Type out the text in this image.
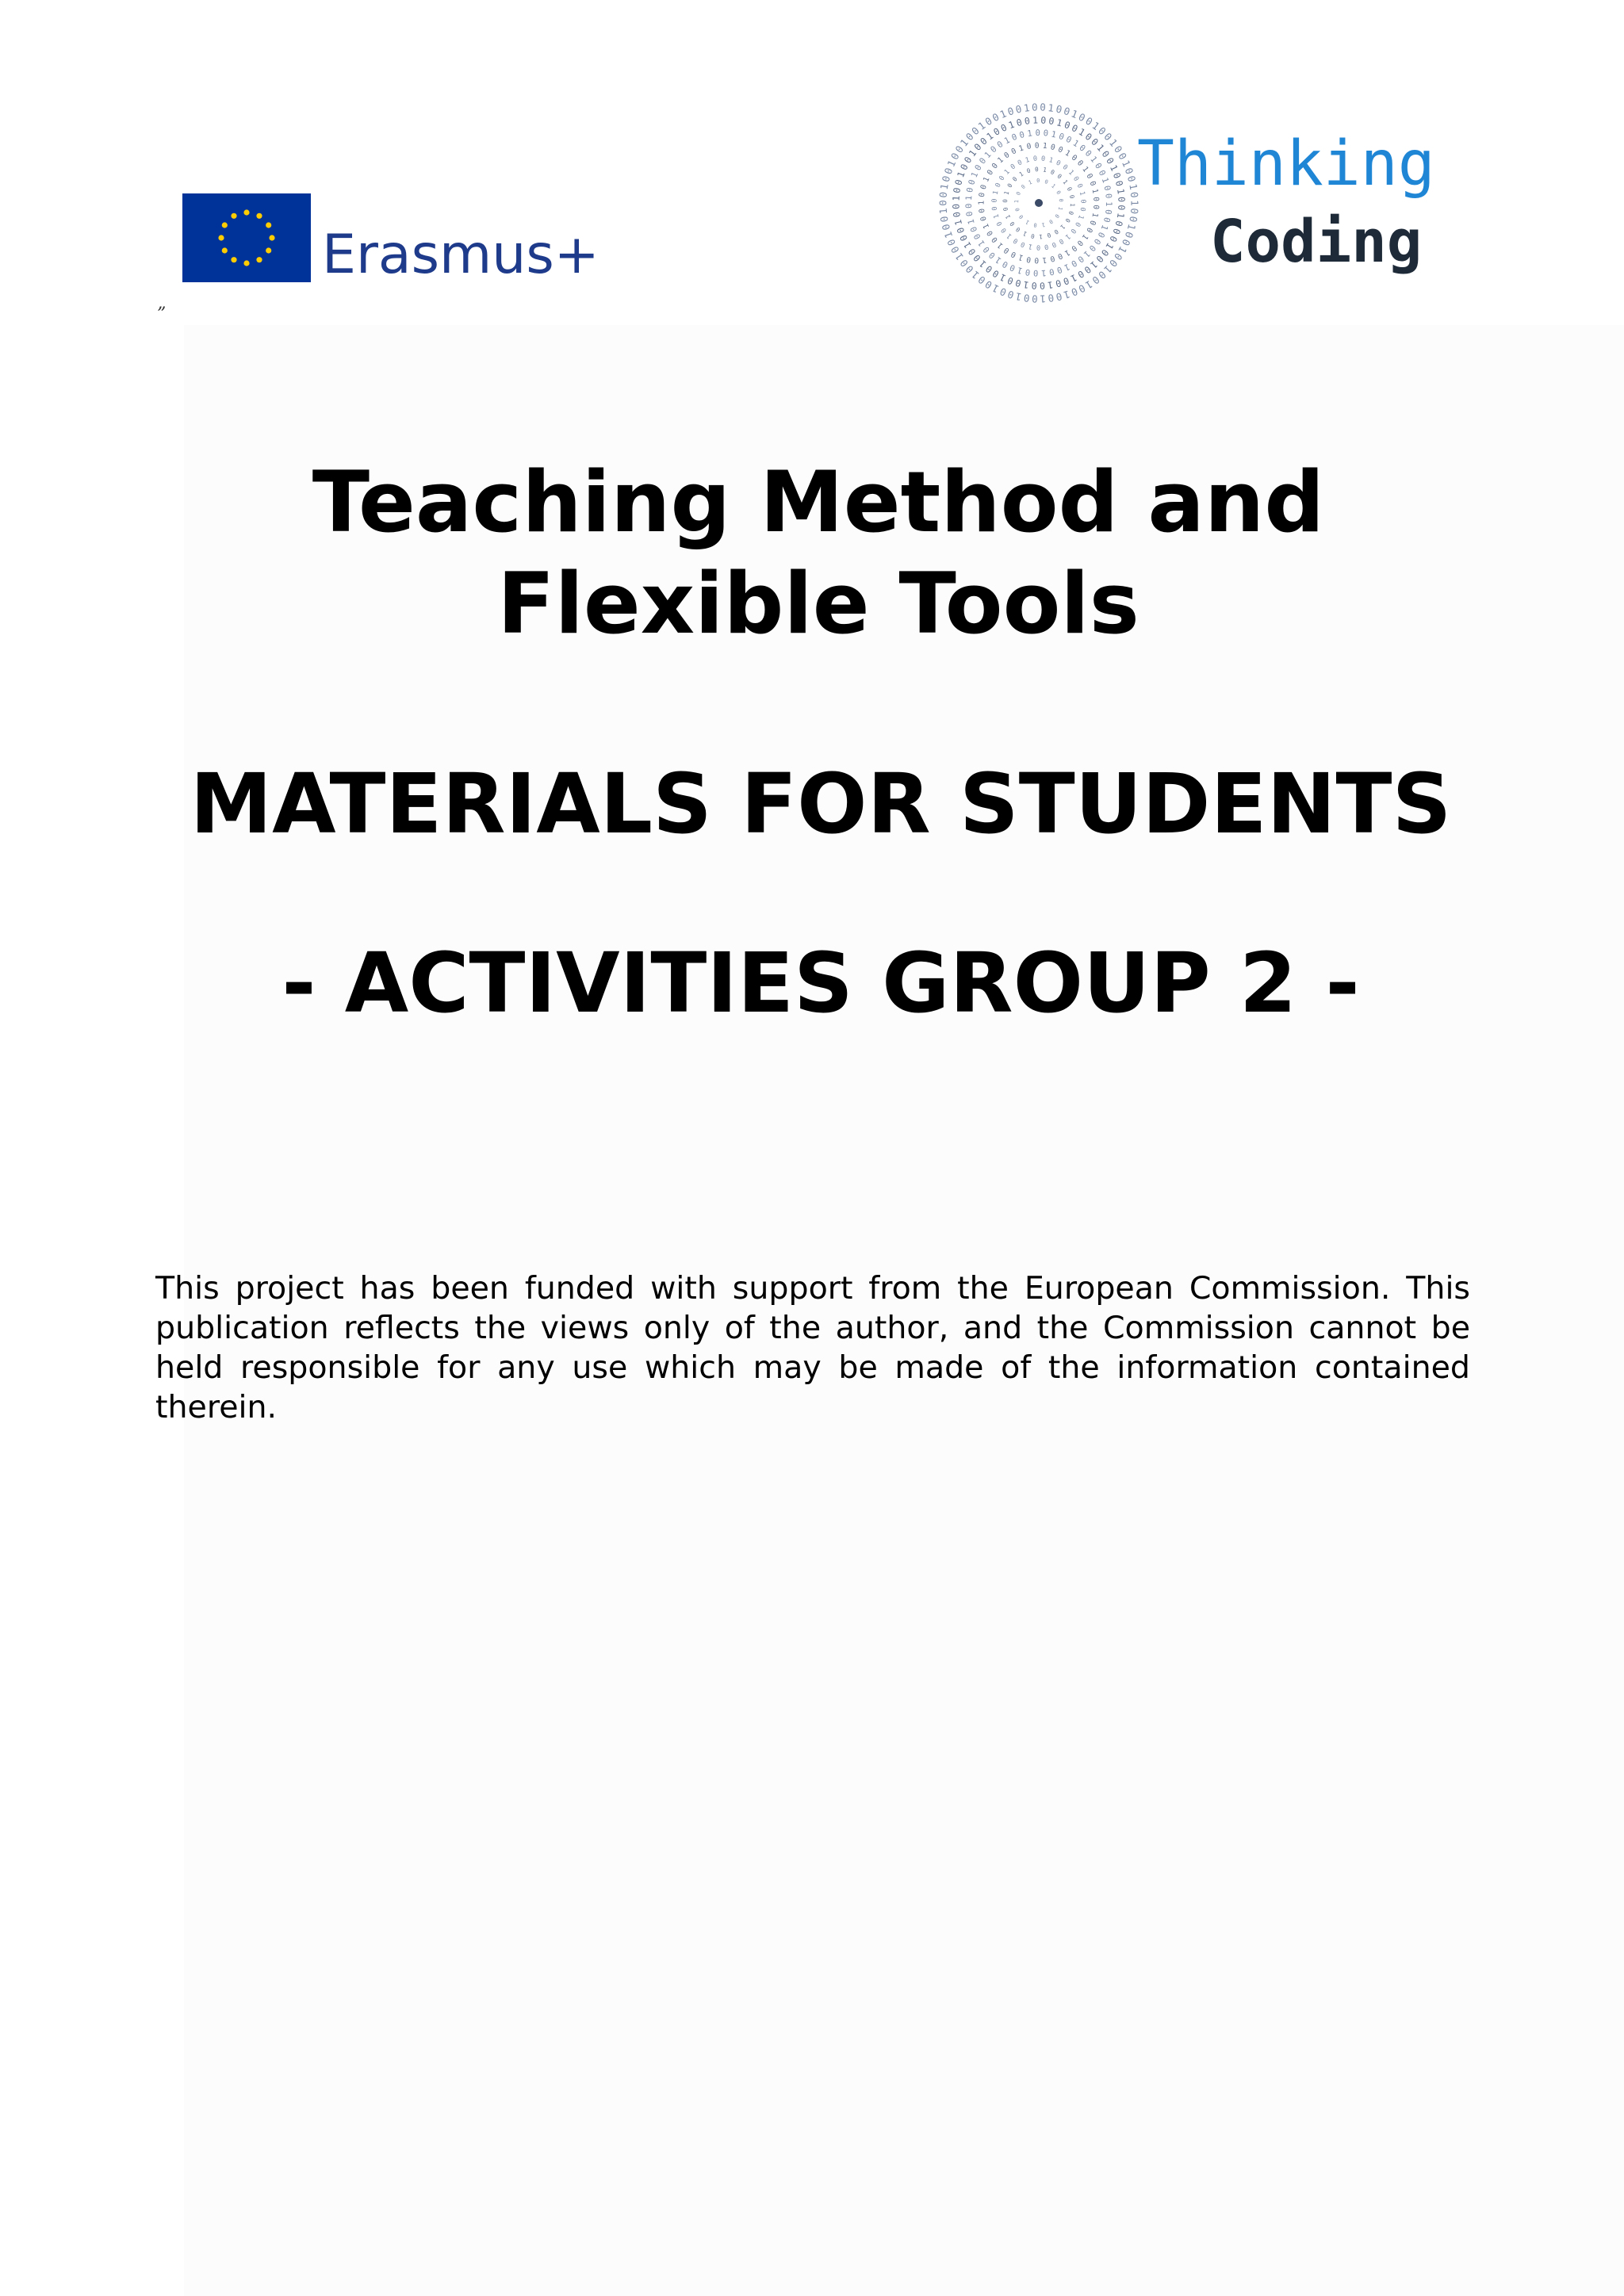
Erasmus+
”
1
0
0
1
0
0
1
0
0
1
0
0
1
0
0
1
0
0
1
0
0
1
0
0
1
0
0
1
0
0
1
0
0
1
0
0
1
0
0
1
0
0
1
0
0
1
0
0
1
0
0
1
0
0 1 0 0 1 0
0
1
0
0
1
0
0
1
0
0
1
0
0
1
0
0
0
1
0
0
1
0
0
1
0
0
1
0
0
1
0
0
1
0
0
1
0
0
1
0
0
1
0
0
1
0
0
1
0
0
1
0
0
1
0
0
1 0 0 1 0 0 1 0
0
1
0
0
1
0
0
1
0
0
1
0
0
1
0
0
1
0
0
1
0
0
1
0
0
1
0
0
1
0
0
1
0
0
1
0
0
1
0
0
1
0
0
1
0
0
1
0 0 1 0 0 1 0
0
1
0
0
1
0
0
1
0
0
1
0
0
1
0
0
1
0
0
1
0
0
1
0
0
1
0
0
1
0
0
1
0
0
1
0
0
1
0
0 1 0 0 1 0 0 1
0
0
1
0
0
1
0
0
1
0
0
1
0
0
0
0
1
0
0
1
0
0
1
0
0
1
0
0
1
0 0 1 0 0 1 0
0
1
0
0
1
0
0
1
0
0
1
0
0
0
1
0
0
1
0
0
1
0
0
1 0 0 1 0
0
1
0
0
1
0
0
1
0
0
1
1
0
0
1
0
0
1 0 0
1
0
0
1
0
0
1
0
Thinking
Coding
Teaching Method and
Flexible Tools
MATERIALS FOR STUDENTS
- ACTIVITIES GROUP 2 -

This project has been funded with support from the European Commission. This publication reflects the views only of the author, and the Commission cannot be held responsible for any use which may be made of the information contained therein.
